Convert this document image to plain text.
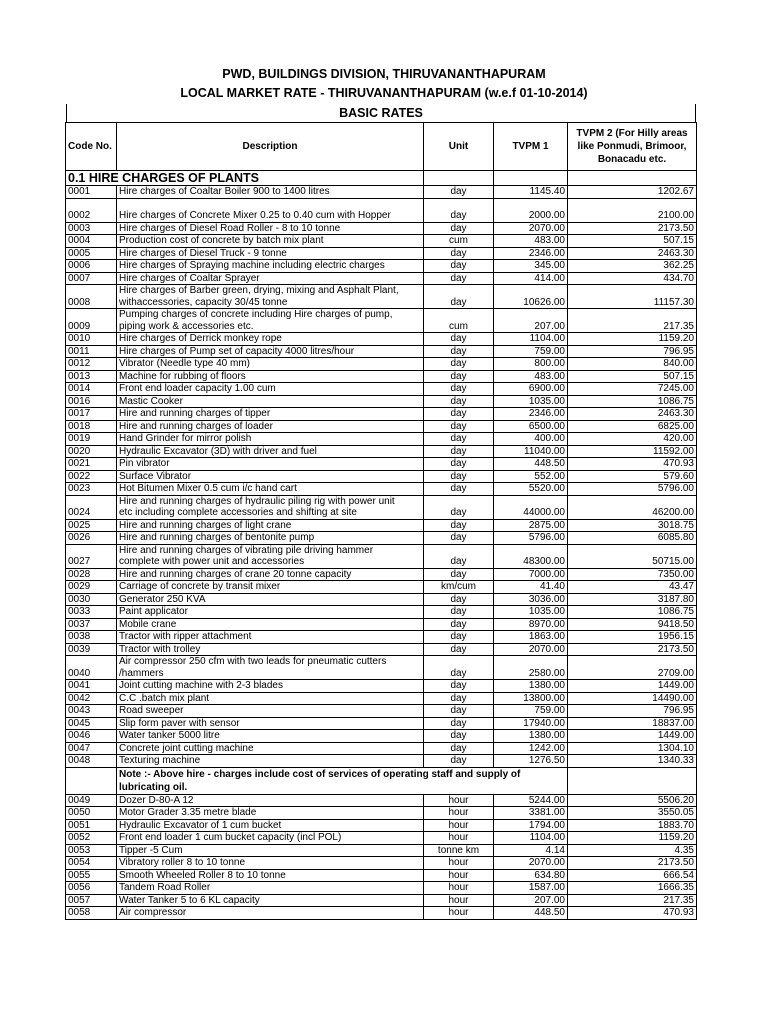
PWD, BUILDINGS DIVISION, THIRUVANANTHAPURAM
LOCAL MARKET RATE - THIRUVANANTHAPURAM (w.e.f 01-10-2014)
BASIC RATES
Code No.	Description	Unit	TVPM 1	TVPM 2 (For Hilly areas like Ponmudi, Brimoor, Bonacadu etc.
0.1 HIRE CHARGES OF PLANTS				
0001	Hire charges of Coaltar Boiler 900 to 1400 litres	day	1145.40	1202.67
0002	Hire charges of Concrete Mixer 0.25 to 0.40 cum with Hopper	day	2000.00	2100.00
0003	Hire charges of Diesel Road Roller - 8 to 10 tonne	day	2070.00	2173.50
0004	Production cost of concrete by batch mix plant	cum	483.00	507.15
0005	Hire charges of Diesel Truck - 9 tonne	day	2346.00	2463.30
0006	Hire charges of Spraying machine including electric charges	day	345.00	362.25
0007	Hire charges of Coaltar Sprayer	day	414.00	434.70
0008	Hire charges of Barber green, drying, mixing and Asphalt Plant,
withaccessories, capacity 30/45 tonne	day	10626.00	11157.30
0009	Pumping charges of concrete including Hire charges of pump,
piping work & accessories etc.	cum	207.00	217.35
0010	Hire charges of Derrick monkey rope	day	1104.00	1159.20
0011	Hire charges of Pump set of capacity 4000 litres/hour	day	759.00	796.95
0012	Vibrator (Needle type 40 mm)	day	800.00	840.00
0013	Machine for rubbing of floors	day	483.00	507.15
0014	Front end loader capacity 1.00 cum	day	6900.00	7245.00
0016	Mastic Cooker	day	1035.00	1086.75
0017	Hire and running charges of tipper	day	2346.00	2463.30
0018	Hire and running charges of loader	day	6500.00	6825.00
0019	Hand Grinder for mirror polish	day	400.00	420.00
0020	Hydraulic Excavator (3D) with driver and fuel	day	11040.00	11592.00
0021	Pin vibrator	day	448.50	470.93
0022	Surface Vibrator	day	552.00	579.60
0023	Hot Bitumen Mixer 0.5 cum i/c hand cart	day	5520.00	5796.00
0024	Hire and running charges of hydraulic piling rig with power unit
etc including complete accessories and shifting at site	day	44000.00	46200.00
0025	Hire and running charges of light crane	day	2875.00	3018.75
0026	Hire and running charges of bentonite pump	day	5796.00	6085.80
0027	Hire and running charges of vibrating pile driving hammer
complete with power unit and accessories	day	48300.00	50715.00
0028	Hire and running charges of crane 20 tonne capacity	day	7000.00	7350.00
0029	Carriage of concrete by transit mixer	km/cum	41.40	43.47
0030	Generator 250 KVA	day	3036.00	3187.80
0033	Paint applicator	day	1035.00	1086.75
0037	Mobile crane	day	8970.00	9418.50
0038	Tractor with ripper attachment	day	1863.00	1956.15
0039	Tractor with trolley	day	2070.00	2173.50
0040	Air compressor 250 cfm with two leads for pneumatic cutters
/hammers	day	2580.00	2709.00
0041	Joint cutting machine with 2-3 blades	day	1380.00	1449.00
0042	C.C .batch mix plant	day	13800.00	14490.00
0043	Road sweeper	day	759.00	796.95
0045	Slip form paver with sensor	day	17940.00	18837.00
0046	Water tanker 5000 litre	day	1380.00	1449.00
0047	Concrete joint cutting machine	day	1242.00	1304.10
0048	Texturing machine	day	1276.50	1340.33
	Note :- Above hire - charges include cost of services of operating staff and supply of lubricating oil.			
0049	Dozer D-80-A 12	hour	5244.00	5506.20
0050	Motor Grader 3.35 metre blade	hour	3381.00	3550.05
0051	Hydraulic Excavator of 1 cum bucket	hour	1794.00	1883.70
0052	Front end loader 1 cum bucket capacity (incl POL)	hour	1104.00	1159.20
0053	Tipper -5 Cum	tonne km	4.14	4.35
0054	Vibratory roller 8 to 10 tonne	hour	2070.00	2173.50
0055	Smooth Wheeled Roller 8 to 10 tonne	hour	634.80	666.54
0056	Tandem Road Roller	hour	1587.00	1666.35
0057	Water Tanker 5 to 6 KL capacity	hour	207.00	217.35
0058	Air compressor	hour	448.50	470.93
